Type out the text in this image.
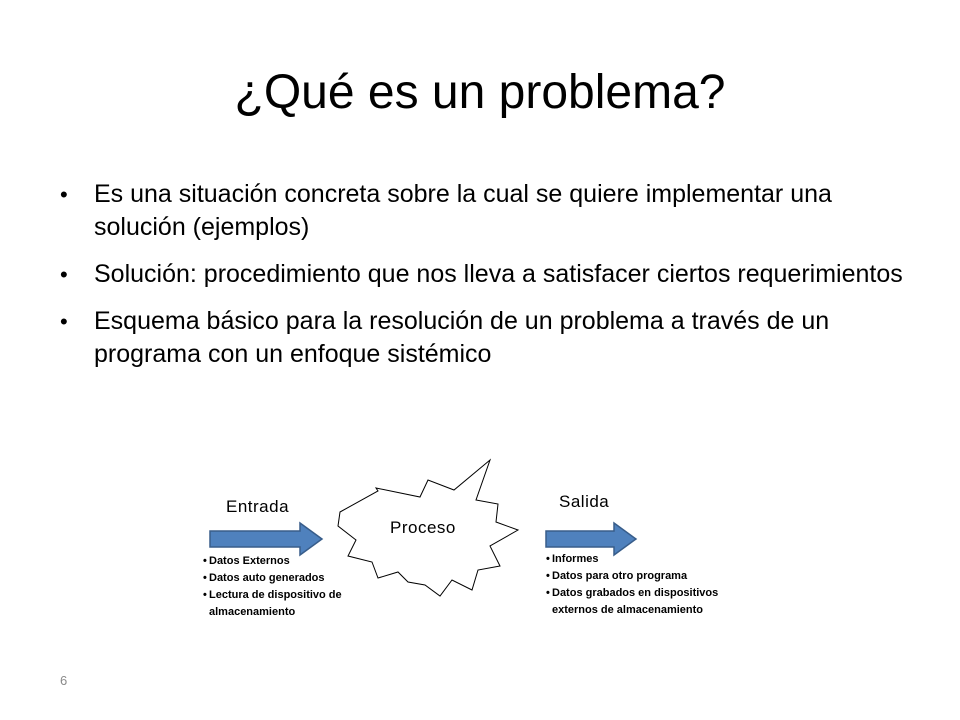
¿Qué es un problema?
• Es una situación concreta sobre la cual se quiere implementar una solución (ejemplos)
• Solución: procedimiento que nos lleva a satisfacer ciertos requerimientos
• Esquema básico para la resolución de un problema a través de un programa con un enfoque sistémico
Entrada	Salida
Proceso
• Datos Externos
• Datos auto generados
• Lectura de dispositivo de almacenamiento
• Informes
• Datos para otro programa
• Datos grabados en dispositivos externos de almacenamiento
6
